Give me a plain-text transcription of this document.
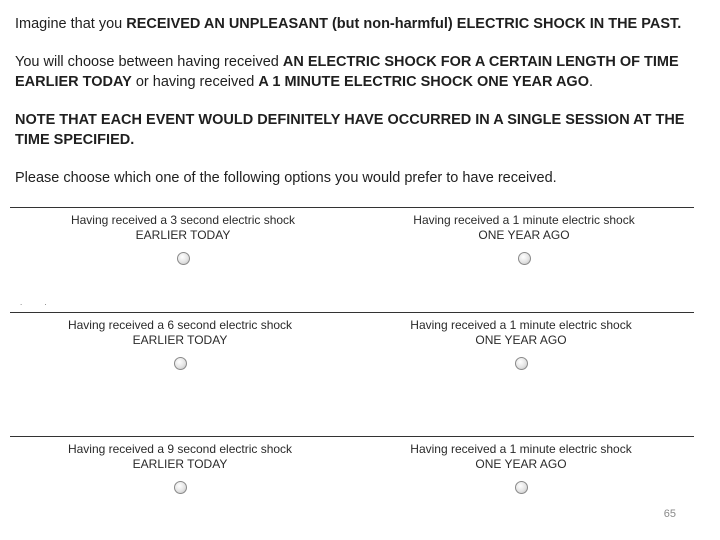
Imagine that you RECEIVED AN UNPLEASANT (but non-harmful) ELECTRIC SHOCK IN THE PAST.

You will choose between having received AN ELECTRIC SHOCK FOR A CERTAIN LENGTH OF TIME EARLIER TODAY or having received A 1 MINUTE ELECTRIC SHOCK ONE YEAR AGO.

NOTE THAT EACH EVENT WOULD DEFINITELY HAVE OCCURRED IN A SINGLE SESSION AT THE TIME SPECIFIED.

Please choose which one of the following options you would prefer to have received.

Having received a 3 second electric shock
EARLIER TODAY
Having received a 1 minute electric shock
ONE YEAR AGO
. .
Having received a 6 second electric shock
EARLIER TODAY
Having received a 1 minute electric shock
ONE YEAR AGO
Having received a 9 second electric shock
EARLIER TODAY
Having received a 1 minute electric shock
ONE YEAR AGO
65
